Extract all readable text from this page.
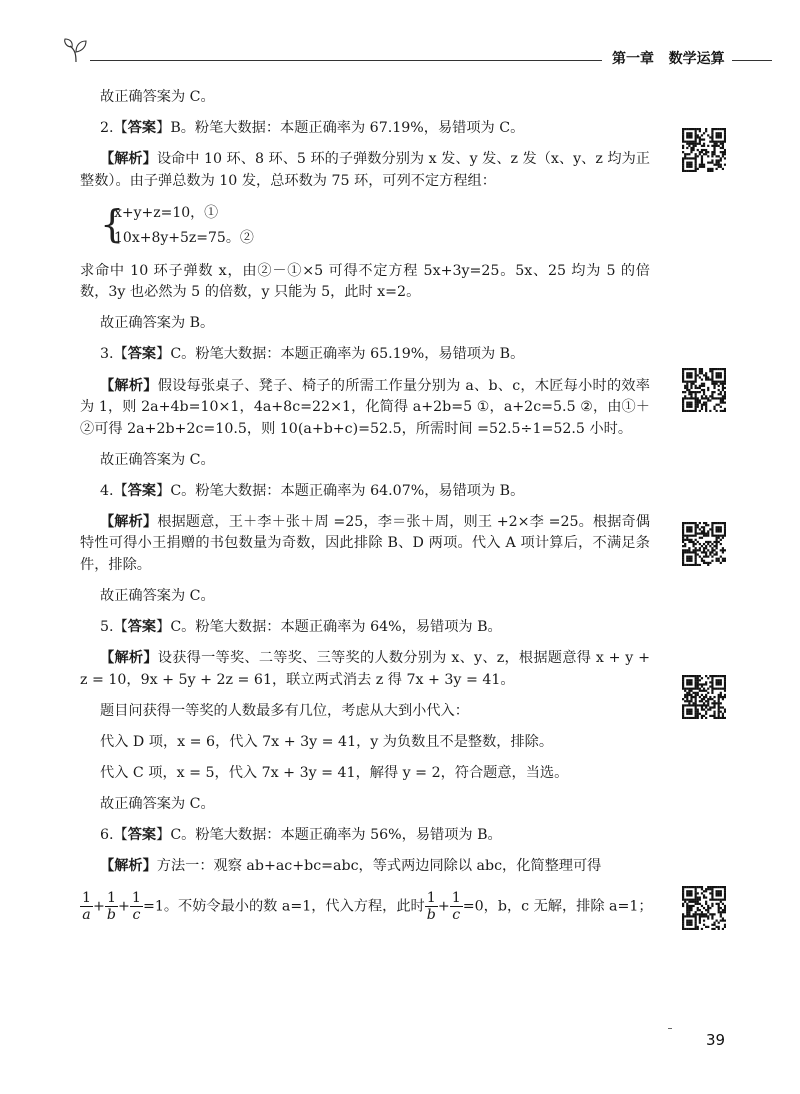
第一章 数学运算

故正确答案为 C。

2.【答案】B。粉笔大数据：本题正确率为 67.19%，易错项为 C。

【解析】设命中 10 环、8 环、5 环的子弹数分别为 x 发、y 发、z 发（x、y、z 均为正整数）。由子弹总数为 10 发，总环数为 75 环，可列不定方程组：

{
x+y+z=10，①
10x+8y+5z=75。②

求命中 10 环子弹数 x，由②－①×5 可得不定方程 5x+3y=25。5x、25 均为 5 的倍数，3y 也必然为 5 的倍数，y 只能为 5，此时 x=2。

故正确答案为 B。

3.【答案】C。粉笔大数据：本题正确率为 65.19%，易错项为 B。

【解析】假设每张桌子、凳子、椅子的所需工作量分别为 a、b、c，木匠每小时的效率为 1，则 2a+4b=10×1，4a+8c=22×1，化简得 a+2b=5 ①，a+2c=5.5 ②，由①＋②可得 2a+2b+2c=10.5，则 10(a+b+c)=52.5，所需时间 =52.5÷1=52.5 小时。

故正确答案为 C。

4.【答案】C。粉笔大数据：本题正确率为 64.07%，易错项为 B。

【解析】根据题意，王＋李＋张＋周 =25，李＝张＋周，则王 +2×李 =25。根据奇偶特性可得小王捐赠的书包数量为奇数，因此排除 B、D 两项。代入 A 项计算后，不满足条件，排除。

故正确答案为 C。

5.【答案】C。粉笔大数据：本题正确率为 64%，易错项为 B。

【解析】设获得一等奖、二等奖、三等奖的人数分别为 x、y、z，根据题意得 x + y + z = 10，9x + 5y + 2z = 61，联立两式消去 z 得 7x + 3y = 41。

题目问获得一等奖的人数最多有几位，考虑从大到小代入：

代入 D 项，x = 6，代入 7x + 3y = 41，y 为负数且不是整数，排除。

代入 C 项，x = 5，代入 7x + 3y = 41，解得 y = 2，符合题意，当选。

故正确答案为 C。

6.【答案】C。粉笔大数据：本题正确率为 56%，易错项为 B。

【解析】方法一：观察 ab+ac+bc=abc，等式两边同除以 abc，化简整理可得

$\frac{1}{a} + \frac{1}{b} + \frac{1}{c} =1$。不妨令最小的数 a=1，代入方程，此时 $\frac{1}{b} + \frac{1}{c} =0$，b，c 无解，排除 a=1；
39
